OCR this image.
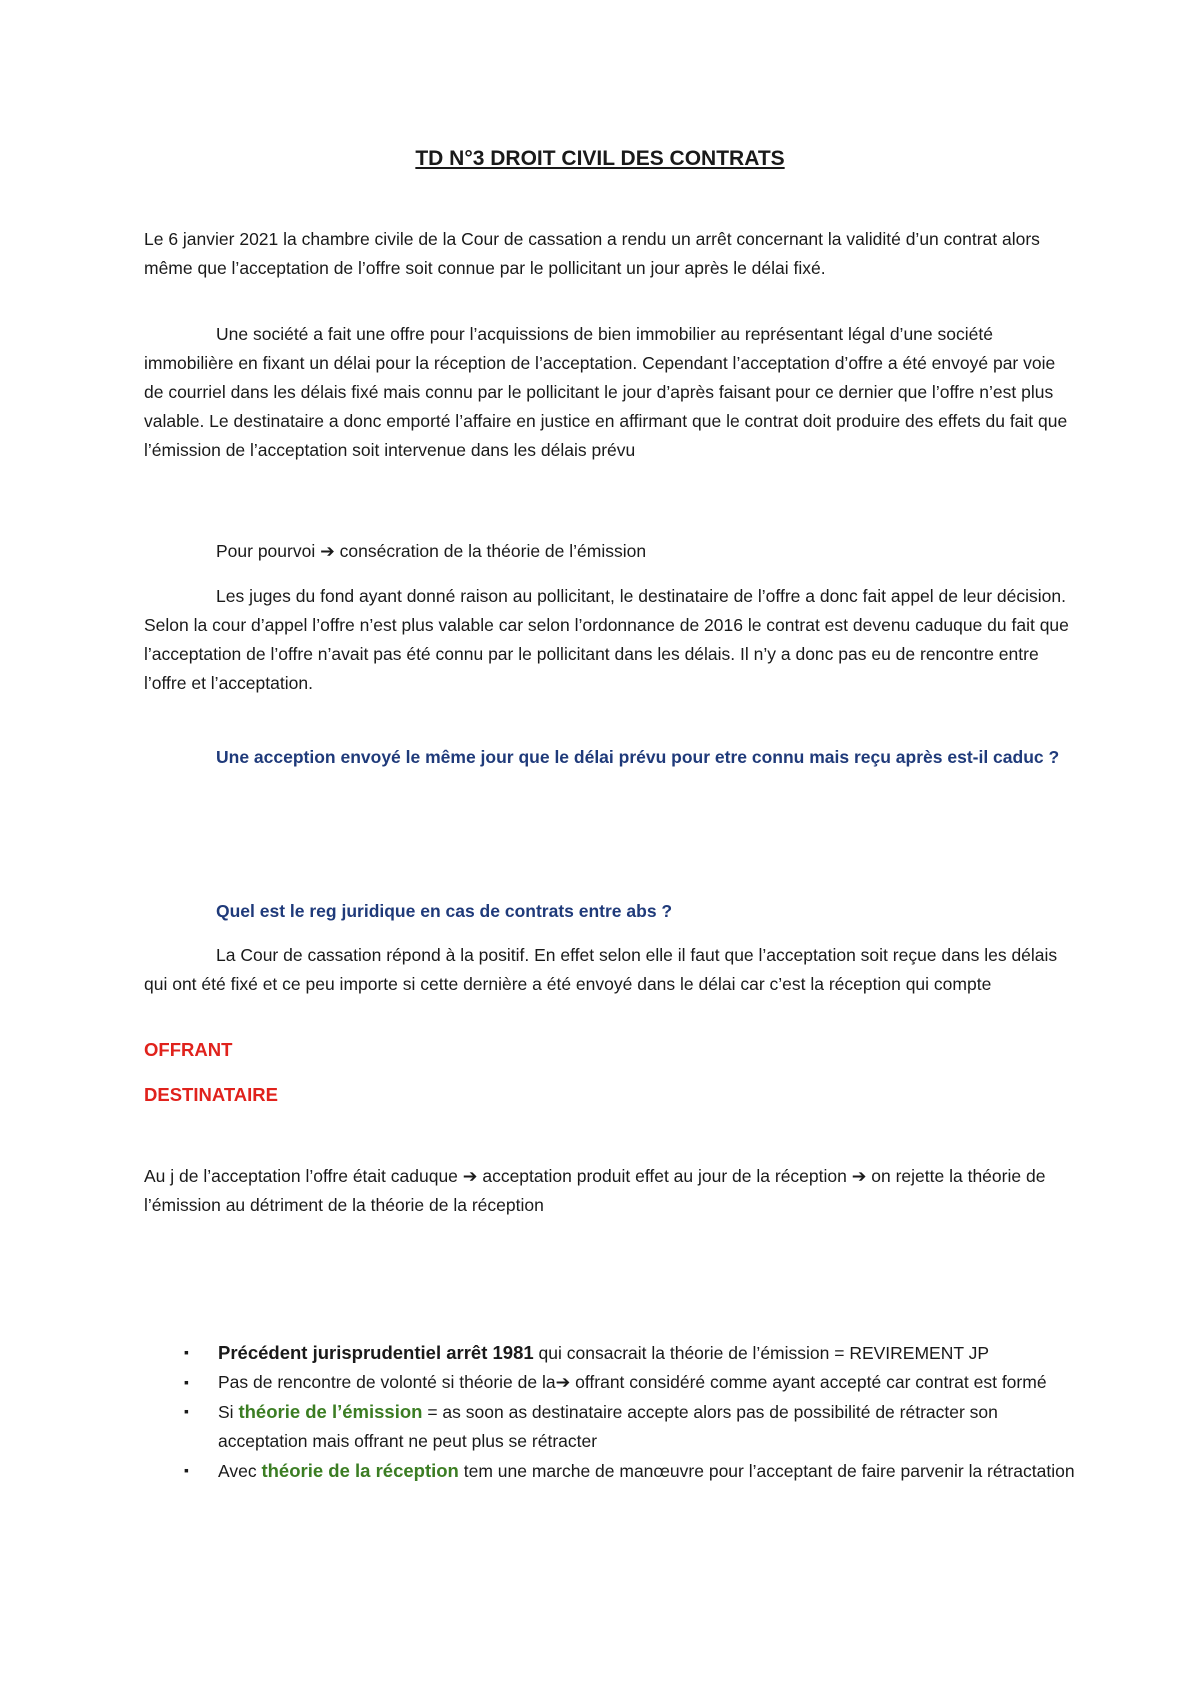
TD N°3 DROIT CIVIL DES CONTRATS

Le 6 janvier 2021 la chambre civile de la Cour de cassation a rendu un arrêt concernant la validité d’un contrat alors même que l’acceptation de l’offre soit connue par le pollicitant un jour après le délai fixé.

Une société a fait une offre pour l’acquissions de bien immobilier au représentant légal d’une société immobilière en fixant un délai pour la réception de l’acceptation. Cependant l’acceptation d’offre a été envoyé par voie de courriel dans les délais fixé mais connu par le pollicitant le jour d’après faisant pour ce dernier que l’offre n’est plus valable. Le destinataire a donc emporté l’affaire en justice en affirmant que le contrat doit produire des effets du fait que l’émission de l’acceptation soit intervenue dans les délais prévu

Pour pourvoi ➔ consécration de la théorie de l’émission

Les juges du fond ayant donné raison au pollicitant, le destinataire de l’offre a donc fait appel de leur décision. Selon la cour d’appel l’offre n’est plus valable car selon l’ordonnance de 2016 le contrat est devenu caduque du fait que l’acceptation de l’offre n’avait pas été connu par le pollicitant dans les délais. Il n’y a donc pas eu de rencontre entre l’offre et l’acceptation.

Une acception envoyé le même jour que le délai prévu pour etre connu mais reçu après est-il caduc ?

Quel est le reg juridique en cas de contrats entre abs ?

La Cour de cassation répond à la positif. En effet selon elle il faut que l’acceptation soit reçue dans les délais qui ont été fixé et ce peu importe si cette dernière a été envoyé dans le délai car c’est la réception qui compte

OFFRANT

DESTINATAIRE

Au j de l’acceptation l’offre était caduque ➔ acceptation produit effet au jour de la réception ➔ on rejette la théorie de l’émission au détriment de la théorie de la réception

▪ Précédent jurisprudentiel arrêt 1981 qui consacrait la théorie de l’émission = REVIREMENT JP
▪ Pas de rencontre de volonté si théorie de la➔ offrant considéré comme ayant accepté car contrat est formé
▪ Si théorie de l’émission = as soon as destinataire accepte alors pas de possibilité de rétracter son acceptation mais offrant ne peut plus se rétracter
▪ Avec théorie de la réception tem une marche de manœuvre pour l’acceptant de faire parvenir la rétractation
